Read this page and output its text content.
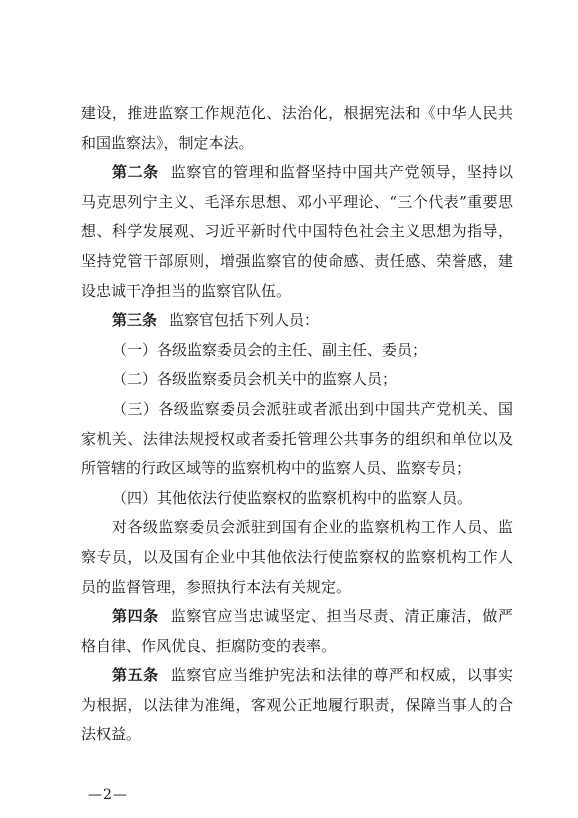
建设，推进监察工作规范化、法治化，根据宪法和《中华人民共和国监察法》，制定本法。

第二条 监察官的管理和监督坚持中国共产党领导，坚持以马克思列宁主义、毛泽东思想、邓小平理论、“三个代表”重要思想、科学发展观、习近平新时代中国特色社会主义思想为指导，坚持党管干部原则，增强监察官的使命感、责任感、荣誉感，建设忠诚干净担当的监察官队伍。

第三条 监察官包括下列人员：

（一）各级监察委员会的主任、副主任、委员；

（二）各级监察委员会机关中的监察人员；

（三）各级监察委员会派驻或者派出到中国共产党机关、国家机关、法律法规授权或者委托管理公共事务的组织和单位以及所管辖的行政区域等的监察机构中的监察人员、监察专员；

（四）其他依法行使监察权的监察机构中的监察人员。

对各级监察委员会派驻到国有企业的监察机构工作人员、监察专员，以及国有企业中其他依法行使监察权的监察机构工作人员的监督管理，参照执行本法有关规定。

第四条 监察官应当忠诚坚定、担当尽责、清正廉洁，做严格自律、作风优良、拒腐防变的表率。

第五条 监察官应当维护宪法和法律的尊严和权威，以事实为根据，以法律为准绳，客观公正地履行职责，保障当事人的合法权益。

—2—
